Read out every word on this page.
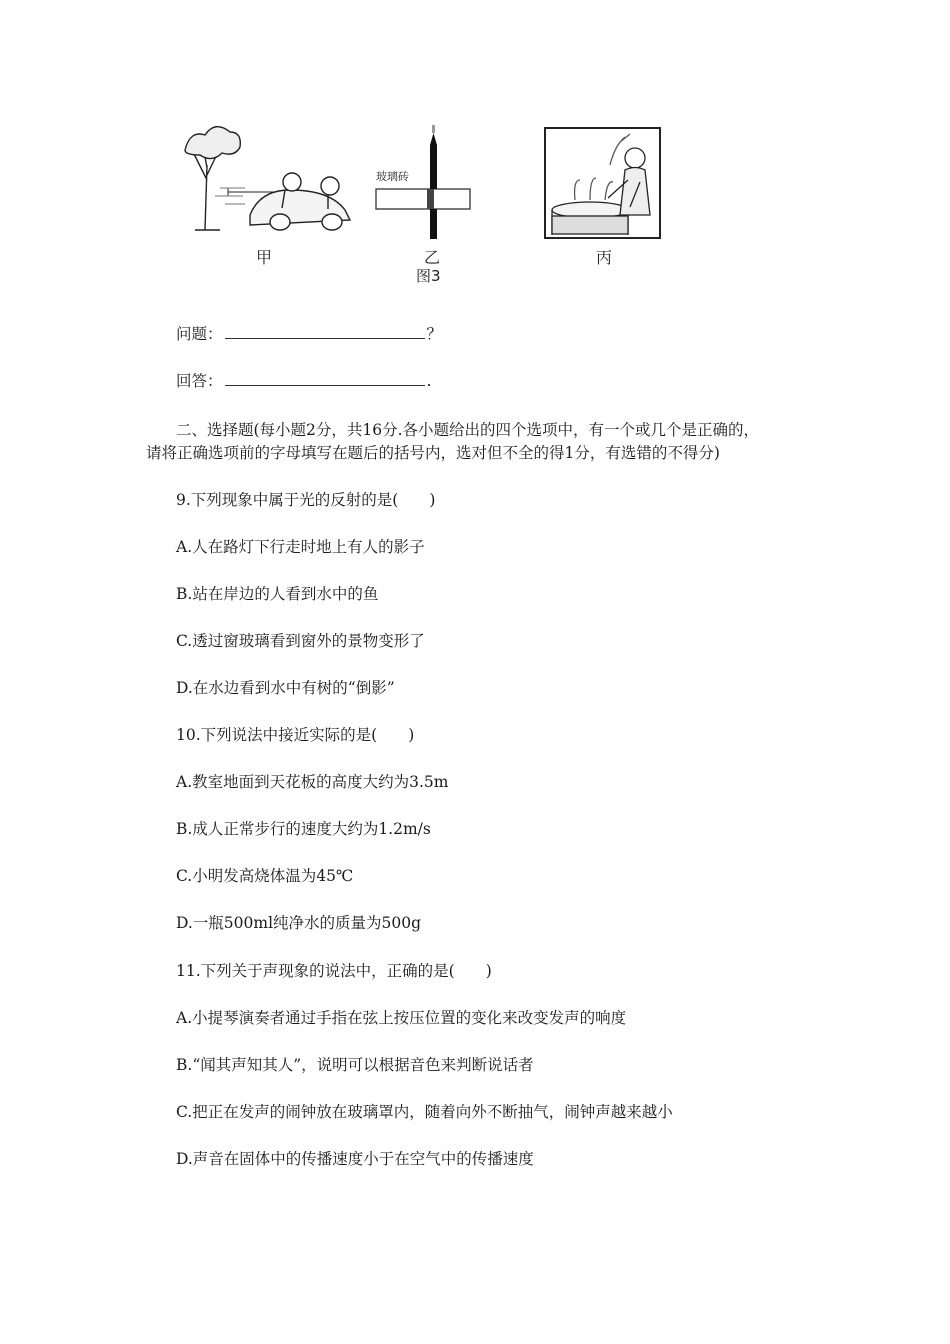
甲	乙
图3
丙
玻璃砖
问题：	？
回答：	.
二、选择题(每小题2分，共16分.各小题给出的四个选项中，有一个或几个是正确的，
请将正确选项前的字母填写在题后的括号内，选对但不全的得1分，有选错的不得分)
9.下列现象中属于光的反射的是(　　)
A.人在路灯下行走时地上有人的影子
B.站在岸边的人看到水中的鱼
C.透过窗玻璃看到窗外的景物变形了
D.在水边看到水中有树的“倒影”
10.下列说法中接近实际的是(　　)
A.教室地面到天花板的高度大约为3.5m
B.成人正常步行的速度大约为1.2m/s
C.小明发高烧体温为45℃
D.一瓶500ml纯净水的质量为500g
11.下列关于声现象的说法中，正确的是(　　)
A.小提琴演奏者通过手指在弦上按压位置的变化来改变发声的响度
B.“闻其声知其人”，说明可以根据音色来判断说话者
C.把正在发声的闹钟放在玻璃罩内，随着向外不断抽气，闹钟声越来越小
D.声音在固体中的传播速度小于在空气中的传播速度
